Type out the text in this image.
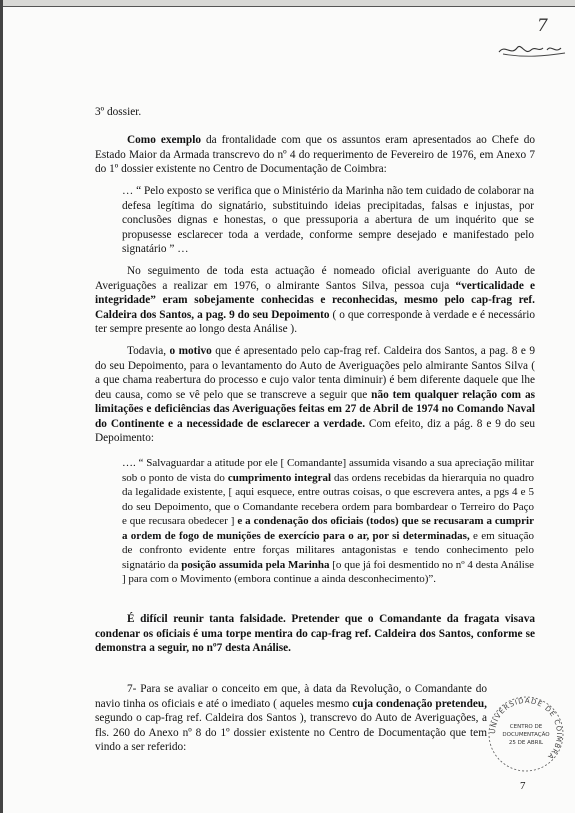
7

3º dossier.

Como exemplo da frontalidade com que os assuntos eram apresentados ao Chefe do Estado Maior da Armada transcrevo do nº 4 do requerimento de Fevereiro de 1976, em Anexo 7 do 1º dossier existente no Centro de Documentação de Coimbra:

… “ Pelo exposto se verifica que o Ministério da Marinha não tem cuidado de colaborar na defesa legítima do signatário, substituindo ideias precipitadas, falsas e injustas, por conclusões dignas e honestas, o que pressuporia a abertura de um inquérito que se propusesse esclarecer toda a verdade, conforme sempre desejado e manifestado pelo signatário ” …

No seguimento de toda esta actuação é nomeado oficial averiguante do Auto de Averiguações a realizar em 1976, o almirante Santos Silva, pessoa cuja “verticalidade e integridade” eram sobejamente conhecidas e reconhecidas, mesmo pelo cap-frag ref. Caldeira dos Santos, a pag. 9 do seu Depoimento ( o que corresponde à verdade e é necessário ter sempre presente ao longo desta Análise ).

Todavia, o motivo que é apresentado pelo cap-frag ref. Caldeira dos Santos, a pag. 8 e 9 do seu Depoimento, para o levantamento do Auto de Averiguações pelo almirante Santos Silva ( a que chama reabertura do processo e cujo valor tenta diminuir) é bem diferente daquele que lhe deu causa, como se vê pelo que se transcreve a seguir que não tem qualquer relação com as limitações e deficiências das Averiguações feitas em 27 de Abril de 1974 no Comando Naval do Continente e a necessidade de esclarecer a verdade. Com efeito, diz a pág. 8 e 9 do seu Depoimento:

…. “ Salvaguardar a atitude por ele [ Comandante] assumida visando a sua apreciação militar sob o ponto de vista do cumprimento integral das ordens recebidas da hierarquia no quadro da legalidade existente, [ aqui esquece, entre outras coisas, o que escrevera antes, a pgs 4 e 5 do seu Depoimento, que o Comandante recebera ordem para bombardear o Terreiro do Paço e que recusara obedecer ] e a condenação dos oficiais (todos) que se recusaram a cumprir a ordem de fogo de munições de exercício para o ar, por si determinadas, e em situação de confronto evidente entre forças militares antagonistas e tendo conhecimento pelo signatário da posição assumida pela Marinha [o que já foi desmentido no nº 4 desta Análise ] para com o Movimento (embora continue a ainda desconhecimento)”.

É difícil reunir tanta falsidade. Pretender que o Comandante da fragata visava condenar os oficiais é uma torpe mentira do cap-frag ref. Caldeira dos Santos, conforme se demonstra a seguir, no nº7 desta Análise.

7- Para se avaliar o conceito em que, à data da Revolução, o Comandante do navio tinha os oficiais e até o imediato ( aqueles mesmo cuja condenação pretendeu, segundo o cap-frag ref. Caldeira dos Santos ), transcrevo do Auto de Averiguações, a fls. 260 do Anexo nº 8 do 1º dossier existente no Centro de Documentação que tem vindo a ser referido:

UNIVERSIDADE DE COIMBRA
CENTRO DE
DOCUMENTAÇÃO
25 DE ABRIL
7
